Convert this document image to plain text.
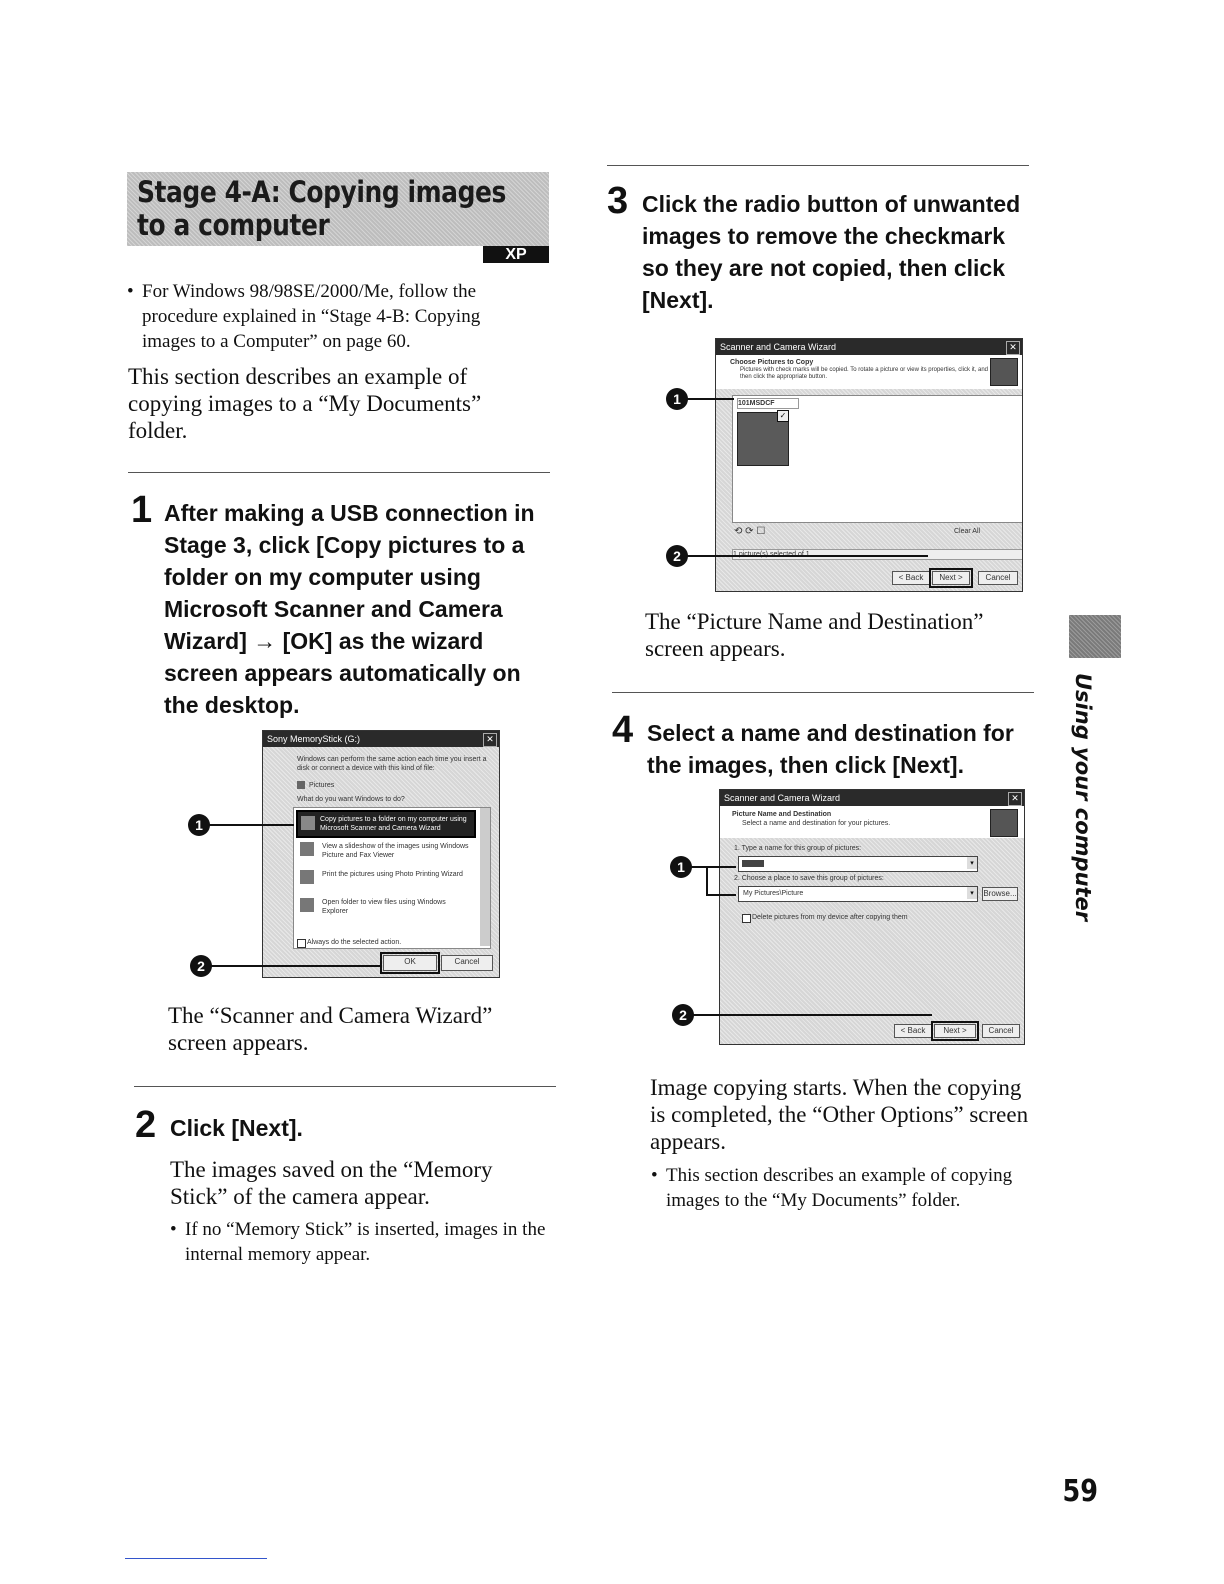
Stage 4-A: Copying images to a computer
XP
• For Windows 98/98SE/2000/Me, follow the procedure explained in “Stage 4-B: Copying images to a Computer” on page 60.
This section describes an example of copying images to a “My Documents” folder.
1 After making a USB connection in Stage 3, click [Copy pictures to a folder on my computer using Microsoft Scanner and Camera Wizard] → [OK] as the wizard screen appears automatically on the desktop.
Sony MemoryStick (G:)	✕
Windows can perform the same action each time you insert a disk or connect a device with this kind of file:
Pictures
What do you want Windows to do?
Copy pictures to a folder on my computer using Microsoft Scanner and Camera Wizard
View a slideshow of the images using Windows Picture and Fax Viewer
Print the pictures using Photo Printing Wizard
Open folder to view files using Windows Explorer
Always do the selected action.
OK	Cancel
1
2
The “Scanner and Camera Wizard” screen appears.
2 Click [Next].
The images saved on the “Memory Stick” of the camera appear.
• If no “Memory Stick” is inserted, images in the internal memory appear.
3 Click the radio button of unwanted images to remove the checkmark so they are not copied, then click [Next].
Scanner and Camera Wizard	✕
Choose Pictures to Copy
Pictures with check marks will be copied. To rotate a picture or view its properties, click it, and then click the appropriate button.
101MSDCF
✓
⟲ ⟳ ☐	Clear All
< Back	Next >	Cancel
1
2
The “Picture Name and Destination” screen appears.
4 Select a name and destination for the images, then click [Next].
Scanner and Camera Wizard	✕
Picture Name and Destination
Select a name and destination for your pictures.
1. Type a name for this group of pictures:
▾
2. Choose a place to save this group of pictures:
My Pictures\Picture	▾	Browse...
Delete pictures from my device after copying them
< Back	Next >	Cancel
1
2
Image copying starts. When the copying is completed, the “Other Options” screen appears.
• This section describes an example of copying images to the “My Documents” folder.
Using your computer
59
